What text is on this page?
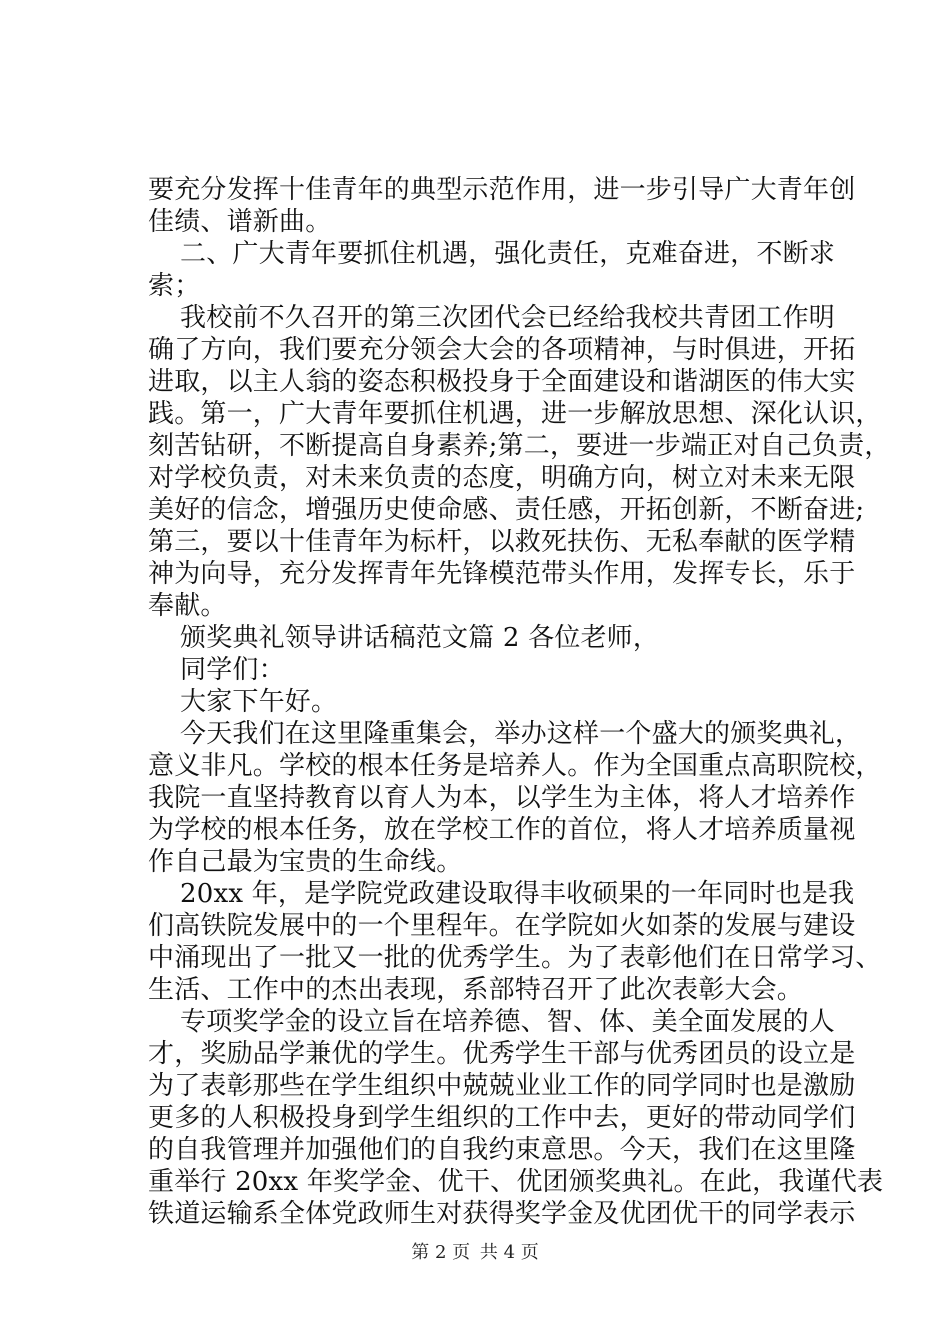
要充分发挥十佳青年的典型示范作用，进一步引导广大青年创
佳绩、谱新曲。
二、广大青年要抓住机遇，强化责任，克难奋进，不断求
索；
我校前不久召开的第三次团代会已经给我校共青团工作明
确了方向，我们要充分领会大会的各项精神，与时俱进，开拓
进取，以主人翁的姿态积极投身于全面建设和谐湖医的伟大实
践。第一，广大青年要抓住机遇，进一步解放思想、深化认识，
刻苦钻研，不断提高自身素养;第二，要进一步端正对自己负责，
对学校负责，对未来负责的态度，明确方向，树立对未来无限
美好的信念，增强历史使命感、责任感，开拓创新，不断奋进;
第三，要以十佳青年为标杆，以救死扶伤、无私奉献的医学精
神为向导，充分发挥青年先锋模范带头作用，发挥专长，乐于
奉献。
颁奖典礼领导讲话稿范文篇 2 各位老师，
同学们：
大家下午好。
今天我们在这里隆重集会，举办这样一个盛大的颁奖典礼，
意义非凡。学校的根本任务是培养人。作为全国重点高职院校，
我院一直坚持教育以育人为本，以学生为主体，将人才培养作
为学校的根本任务，放在学校工作的首位，将人才培养质量视
作自己最为宝贵的生命线。
20xx 年，是学院党政建设取得丰收硕果的一年同时也是我
们高铁院发展中的一个里程年。在学院如火如荼的发展与建设
中涌现出了一批又一批的优秀学生。为了表彰他们在日常学习、
生活、工作中的杰出表现，系部特召开了此次表彰大会。
专项奖学金的设立旨在培养德、智、体、美全面发展的人
才，奖励品学兼优的学生。优秀学生干部与优秀团员的设立是
为了表彰那些在学生组织中兢兢业业工作的同学同时也是激励
更多的人积极投身到学生组织的工作中去，更好的带动同学们
的自我管理并加强他们的自我约束意思。今天，我们在这里隆
重举行 20xx 年奖学金、优干、优团颁奖典礼。在此，我谨代表
铁道运输系全体党政师生对获得奖学金及优团优干的同学表示
第 2 页 共 4 页
